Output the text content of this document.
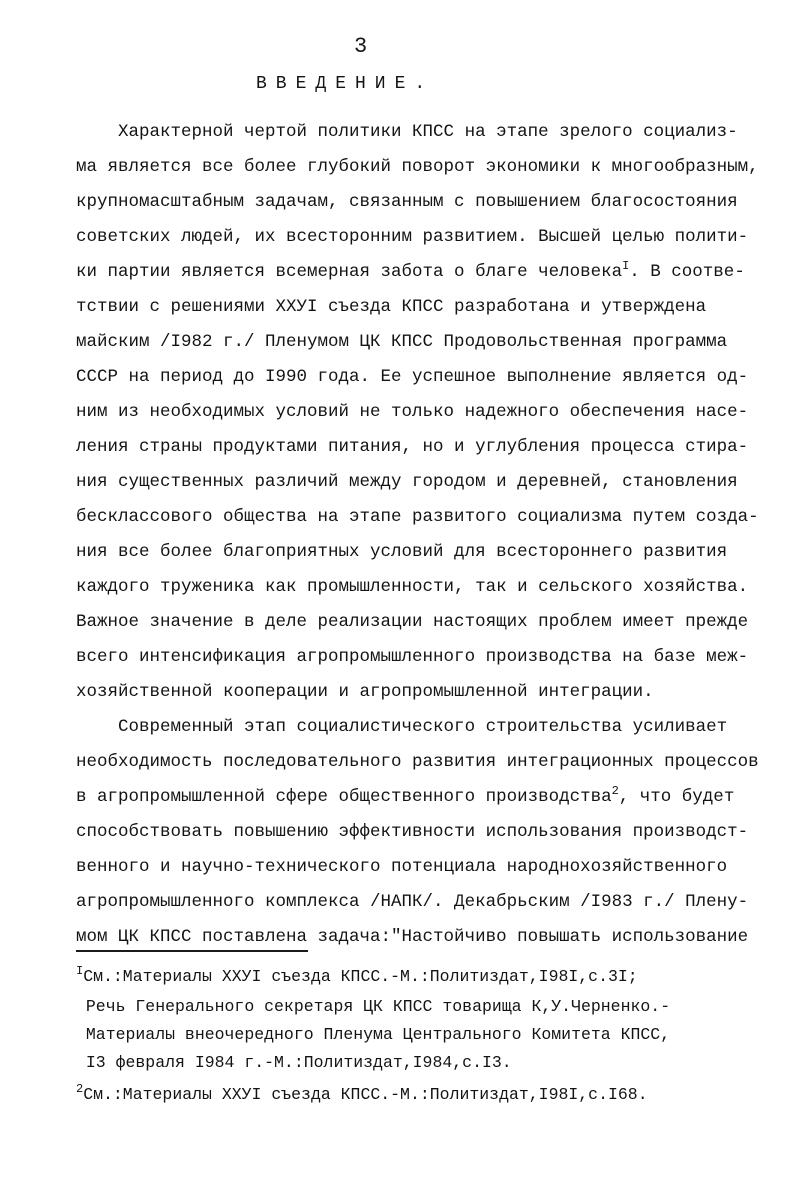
3
ВВЕДЕНИЕ.
Характерной чертой политики КПСС на этапе зрелого социализ-
ма является все более глубокий поворот экономики к многообразным,
крупномасштабным задачам, связанным с повышением благосостояния
советских людей, их всесторонним развитием. Высшей целью полити-
ки партии является всемерная забота о благе человека$^I$. В соотве-
тствии с решениями ХХУI съезда КПСС разработана и утверждена
майским /I982 г./ Пленумом ЦК КПСС Продовольственная программа
СССР на период до I990 года. Ее успешное выполнение является од-
ним из необходимых условий не только надежного обеспечения насе-
ления страны продуктами питания, но и углубления процесса стира-
ния существенных различий между городом и деревней, становления
бесклассового общества на этапе развитого социализма путем созда-
ния все более благоприятных условий для всестороннего развития
каждого труженика как промышленности, так и сельского хозяйства.
Важное значение в деле реализации настоящих проблем имеет прежде
всего интенсификация агропромышленного производства на базе меж-
хозяйственной кооперации и агропромышленной интеграции.
Современный этап социалистического строительства усиливает
необходимость последовательного развития интеграционных процессов
в агропромышленной сфере общественного производства$^2$, что будет
способствовать повышению эффективности использования производст-
венного и научно-технического потенциала народнохозяйственного
агропромышленного комплекса /НАПК/. Декабрьским /I983 г./ Плену-
мом ЦК КПСС поставлена задача:"Настойчиво повышать использование
$^I$См.:Материалы ХХУI съезда КПСС.-М.:Политиздат,I98I,с.3I;
Речь Генерального секретаря ЦК КПСС товарища К,У.Черненко.-
Материалы внеочередного Пленума Центрального Комитета КПСС,
I3 февраля I984 г.-М.:Политиздат,I984,с.I3.
$^2$См.:Материалы ХХУI съезда КПСС.-М.:Политиздат,I98I,с.I68.
